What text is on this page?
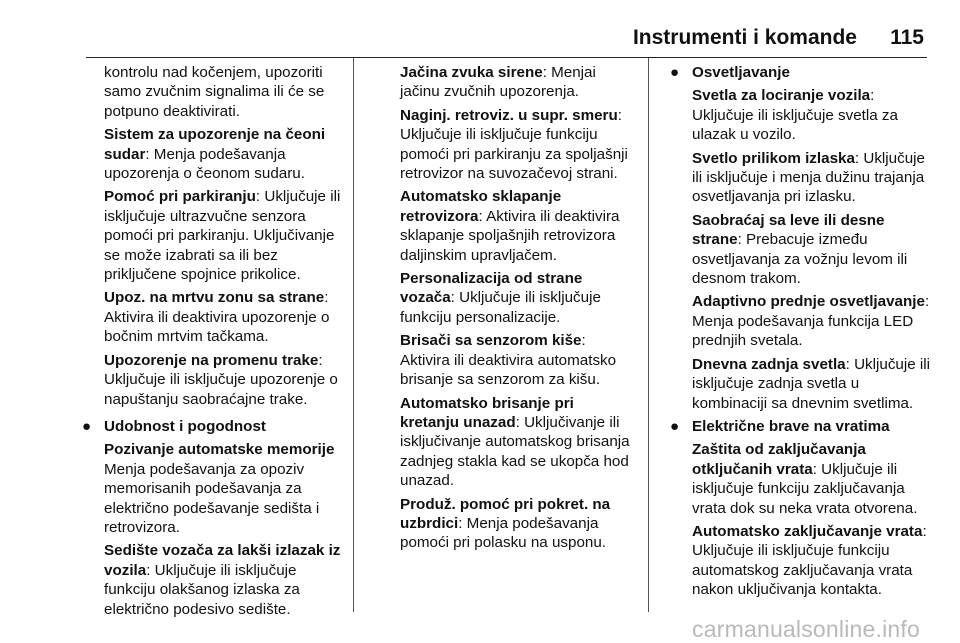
Instrumenti i komande 115

kontrolu nad kočenjem, upozoriti samo zvučnim signalima ili će se potpuno deaktivirati.

Sistem za upozorenje na čeoni sudar: Menja podešavanja upozorenja o čeonom sudaru.

Pomoć pri parkiranju: Uključuje ili isključuje ultrazvučne senzora pomoći pri parkiranju. Uključivanje se može izabrati sa ili bez priključene spojnice prikolice.

Upoz. na mrtvu zonu sa strane: Aktivira ili deaktivira upozorenje o bočnim mrtvim tačkama.

Upozorenje na promenu trake: Uključuje ili isključuje upozorenje o napuštanju saobraćajne trake.

● Udobnost i pogodnost

Pozivanje automatske memorije
Menja podešavanja za opoziv memorisanih podešavanja za električno podešavanje sedišta i retrovizora.

Sedište vozača za lakši izlazak iz vozila: Uključuje ili isključuje funkciju olakšanog izlaska za električno podesivo sedište.

Jačina zvuka sirene: Menjai jačinu zvučnih upozorenja.

Naginj. retroviz. u supr. smeru: Uključuje ili isključuje funkciju pomoći pri parkiranju za spoljašnji retrovizor na suvozačevoj strani.

Automatsko sklapanje retrovizora: Aktivira ili deaktivira sklapanje spoljašnjih retrovizora daljinskim upravljačem.

Personalizacija od strane vozača: Uključuje ili isključuje funkciju personalizacije.

Brisači sa senzorom kiše: Aktivira ili deaktivira automatsko brisanje sa senzorom za kišu.

Automatsko brisanje pri kretanju unazad: Uključivanje ili isključivanje automatskog brisanja zadnjeg stakla kad se ukopča hod unazad.

Produž. pomoć pri pokret. na uzbrdici: Menja podešavanja pomoći pri polasku na usponu.

● Osvetljavanje

Svetla za lociranje vozila: Uključuje ili isključuje svetla za ulazak u vozilo.

Svetlo prilikom izlaska: Uključuje ili isključuje i menja dužinu trajanja osvetljavanja pri izlasku.

Saobraćaj sa leve ili desne strane: Prebacuje između osvetljavanja za vožnju levom ili desnom trakom.

Adaptivno prednje osvetljavanje: Menja podešavanja funkcija LED prednjih svetala.

Dnevna zadnja svetla: Uključuje ili isključuje zadnja svetla u kombinaciji sa dnevnim svetlima.

● Električne brave na vratima

Zaštita od zaključavanja otključanih vrata: Uključuje ili isključuje funkciju zaključavanja vrata dok su neka vrata otvorena.

Automatsko zaključavanje vrata: Uključuje ili isključuje funkciju automatskog zaključavanja vrata nakon uključivanja kontakta.

carmanualsonline.info
